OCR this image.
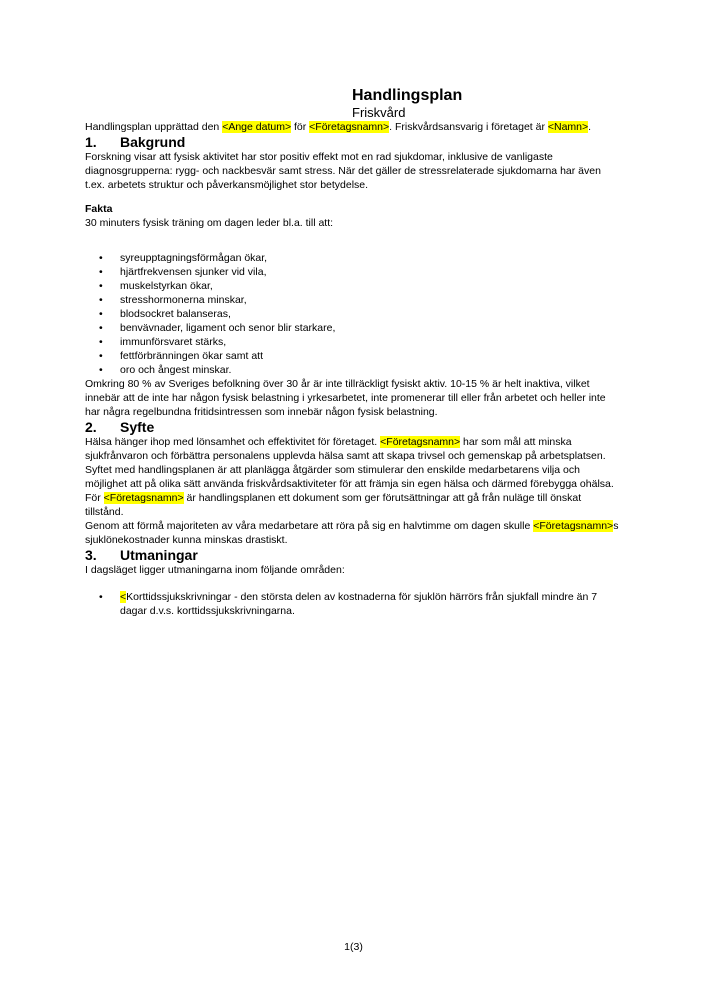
Handlingsplan

Friskvård

Handlingsplan upprättad den <Ange datum> för <Företagsnamn>. Friskvårdsansvarig i företaget är <Namn>.

1. Bakgrund

Forskning visar att fysisk aktivitet har stor positiv effekt mot en rad sjukdomar, inklusive de vanligaste diagnosgrupperna: rygg- och nackbesvär samt stress. När det gäller de stressrelaterade sjukdomarna har även t.ex. arbetets struktur och påverkansmöjlighet stor betydelse.

Fakta

30 minuters fysisk träning om dagen leder bl.a. till att:

• syreupptagningsförmågan ökar,
• hjärtfrekvensen sjunker vid vila,
• muskelstyrkan ökar,
• stresshormonerna minskar,
• blodsockret balanseras,
• benvävnader, ligament och senor blir starkare,
• immunförsvaret stärks,
• fettförbränningen ökar samt att
• oro och ångest minskar.

Omkring 80 % av Sveriges befolkning över 30 år är inte tillräckligt fysiskt aktiv. 10-15 % är helt inaktiva, vilket innebär att de inte har någon fysisk belastning i yrkesarbetet, inte promenerar till eller från arbetet och heller inte har några regelbundna fritidsintressen som innebär någon fysisk belastning.

2. Syfte

Hälsa hänger ihop med lönsamhet och effektivitet för företaget. <Företagsnamn> har som mål att minska sjukfrånvaron och förbättra personalens upplevda hälsa samt att skapa trivsel och gemenskap på arbetsplatsen.

Syftet med handlingsplanen är att planlägga åtgärder som stimulerar den enskilde medarbetarens vilja och möjlighet att på olika sätt använda friskvårdsaktiviteter för att främja sin egen hälsa och därmed förebygga ohälsa. För <Företagsnamn> är handlingsplanen ett dokument som ger förutsättningar att gå från nuläge till önskat tillstånd.

Genom att förmå majoriteten av våra medarbetare att röra på sig en halvtimme om dagen skulle <Företagsnamn>s sjuklönekostnader kunna minskas drastiskt.

3. Utmaningar

I dagsläget ligger utmaningarna inom följande områden:

• <Korttidssjukskrivningar - den största delen av kostnaderna för sjuklön härrörs från sjukfall mindre än 7 dagar d.v.s. korttidssjukskrivningarna.
1(3)
